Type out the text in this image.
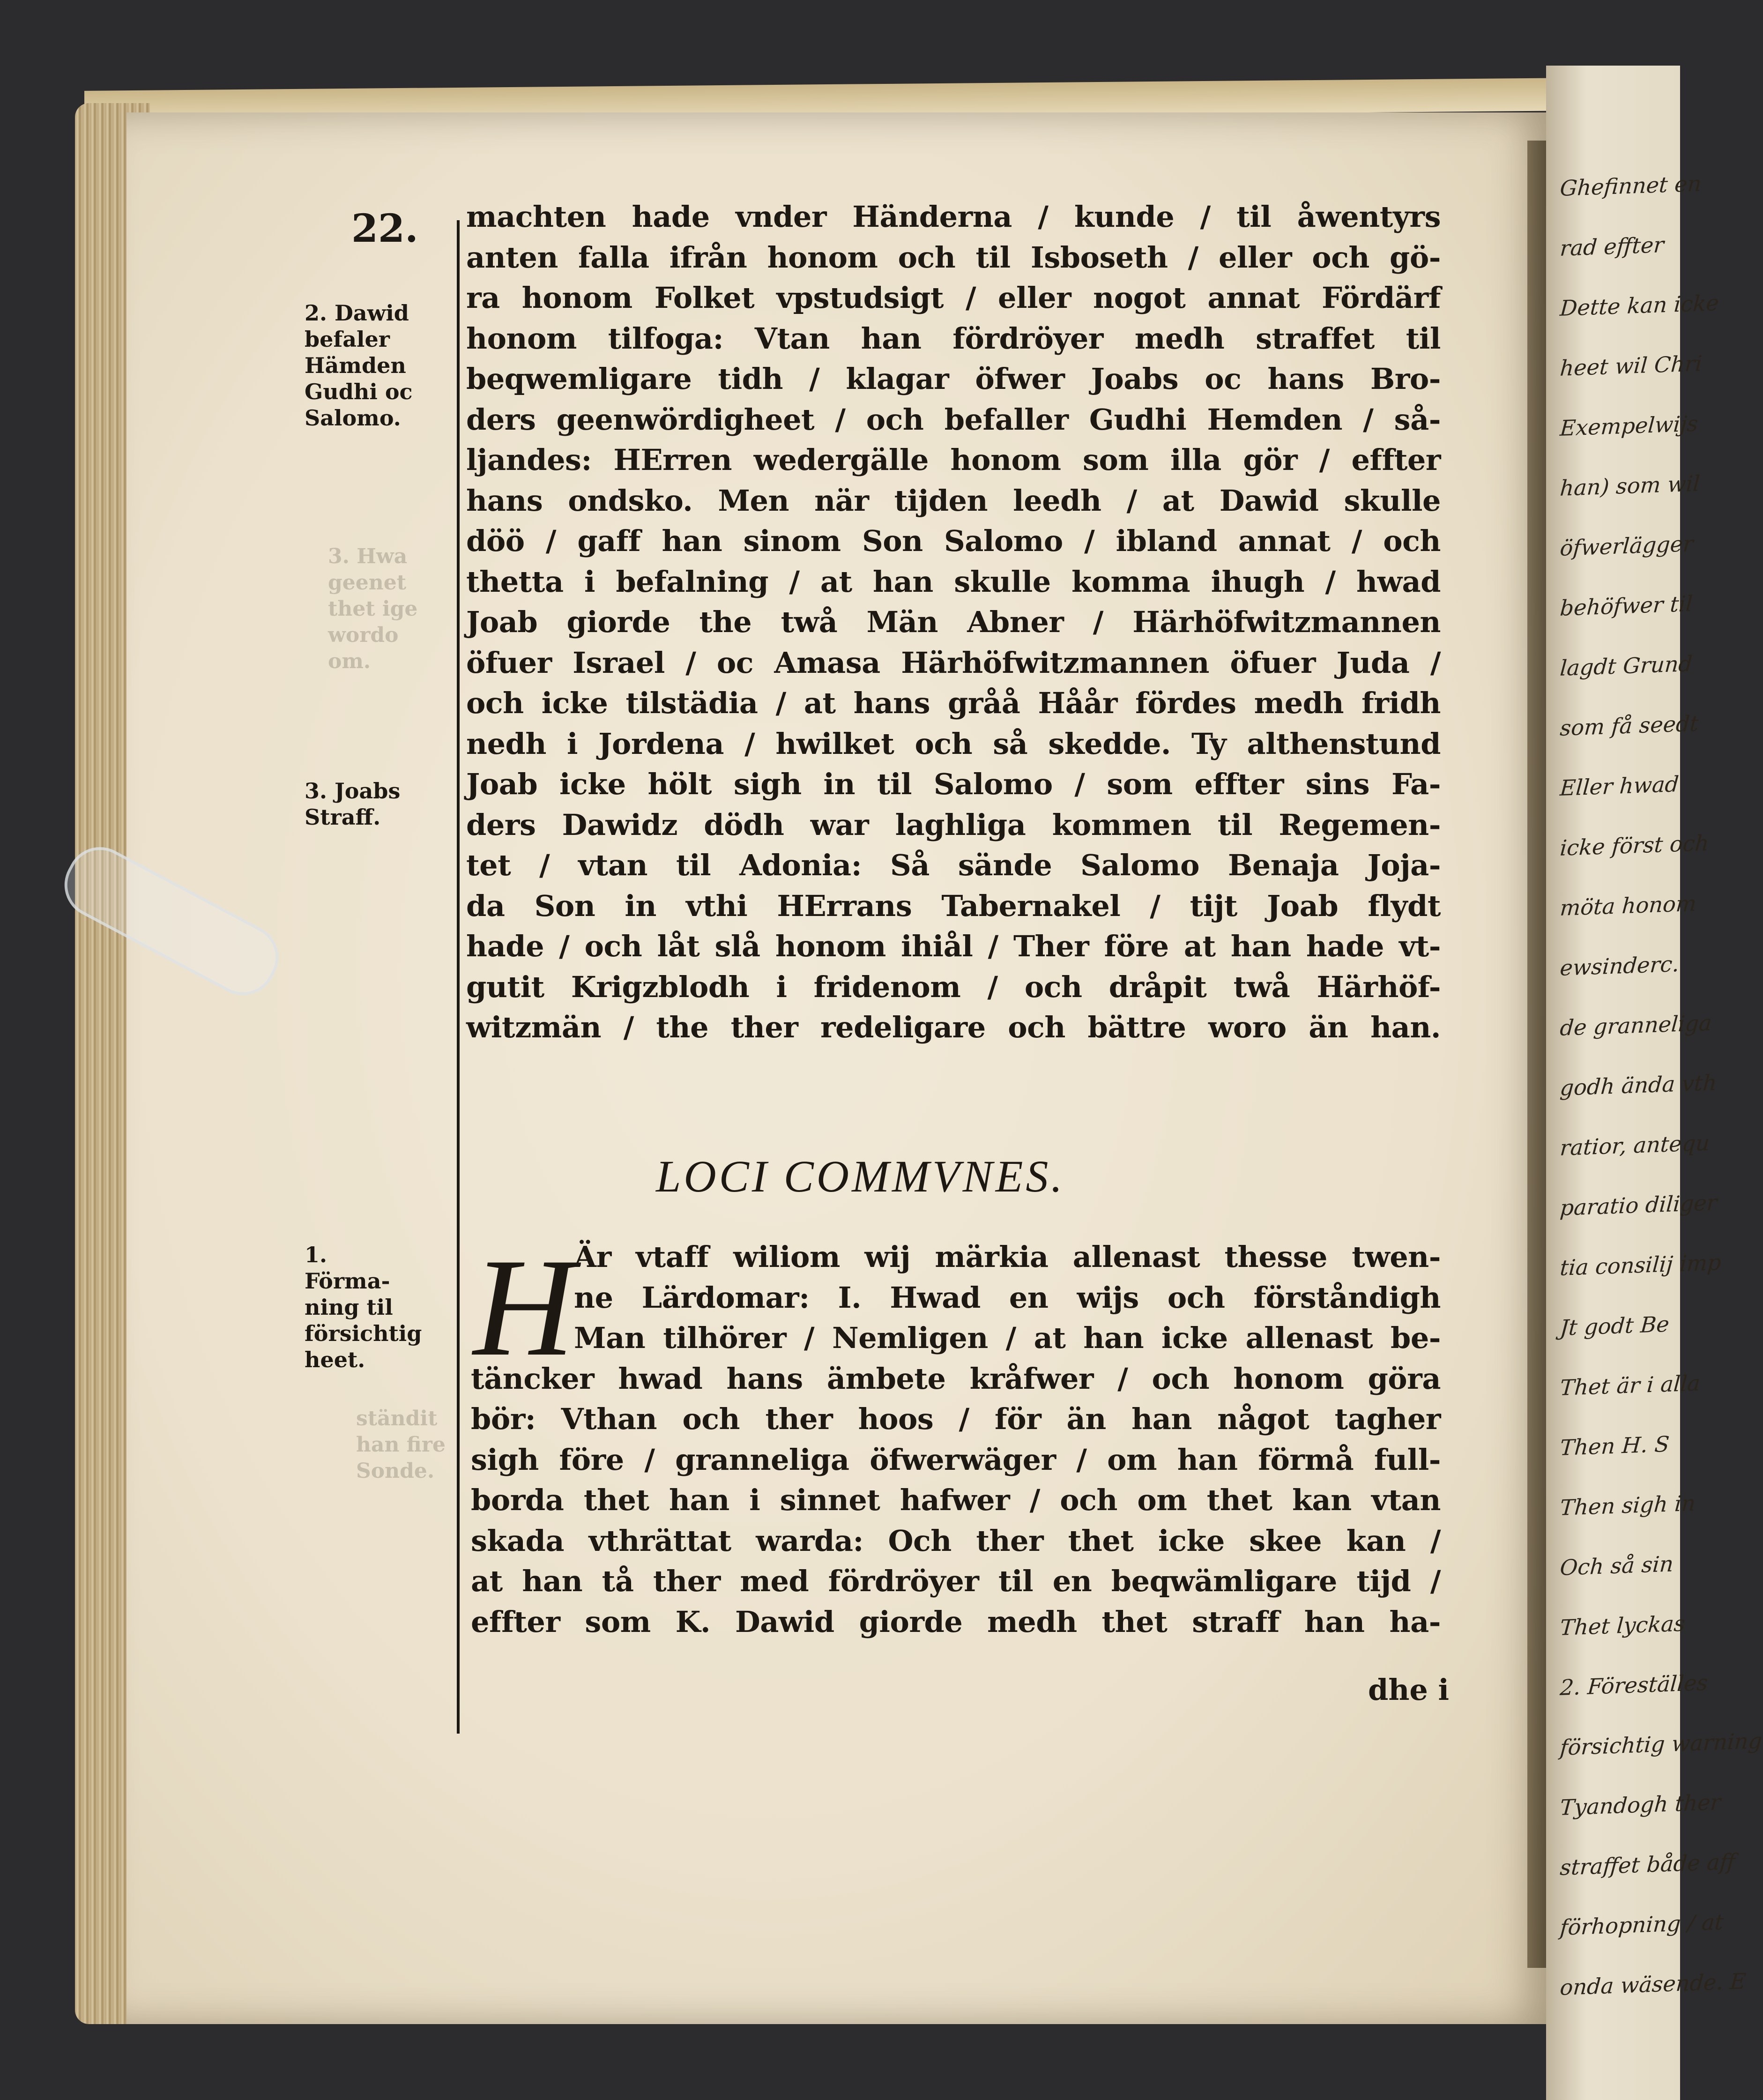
Ghefinnet en
rad effter
Dette kan icke
heet wil Chri
Exempelwijs
han) som wil
öfwerlägger
behöfwer til
lagdt Grund
som få seedt
Eller hwad
icke först och
möta honom
ewsinderc.
de granneliga
godh ända vth
ratior, antequ
paratio diliger
tia consilij imp
Jt godt Be
Thet är i alla
Then H. S
Then sigh in
Och så sin
Thet lyckas
2. Föreställes
försichtig warning
Tyandogh ther
straffet både aff
förhopning / at
onda wäsende. E
22.
2. Dawid
befaler
Hämden
Gudhi oc
Salomo.
3. Joabs
Straff.
1.
Förma-
ning til
försichtig
heet.
3. Hwa
geenet
thet ige
wordo
om.
ständit
han fire
Sonde.
machten hade vnder Händerna / kunde / til åwentyrs
anten falla ifrån honom och til Isboseth / eller och gö-
ra honom Folket vpstudsigt / eller nogot annat Fördärf
honom tilfoga: Vtan han fördröyer medh straffet til
beqwemligare tidh / klagar öfwer Joabs oc hans Bro-
ders geenwördigheet / och befaller Gudhi Hemden / så-
ljandes: HErren wedergälle honom som illa gör / effter
hans ondsko. Men när tijden leedh / at Dawid skulle
döö / gaff han sinom Son Salomo / ibland annat / och
thetta i befalning / at han skulle komma ihugh / hwad
Joab giorde the twå Män Abner / Härhöfwitzmannen
öfuer Israel / oc Amasa Härhöfwitzmannen öfuer Juda /
och icke tilstädia / at hans gråå Håår fördes medh fridh
nedh i Jordena / hwilket och så skedde. Ty althenstund
Joab icke hölt sigh in til Salomo / som effter sins Fa-
ders Dawidz dödh war laghliga kommen til Regemen-
tet / vtan til Adonia: Så sände Salomo Benaja Joja-
da Son in vthi HErrans Tabernakel / tijt Joab flydt
hade / och låt slå honom ihiål / Ther före at han hade vt-
gutit Krigzblodh i fridenom / och dråpit twå Härhöf-
witzmän / the ther redeligare och bättre woro än han.
LOCI COMMVNES.
H
Är vtaff wiliom wij märkia allenast thesse twen-
ne Lärdomar: I. Hwad en wijs och förståndigh
Man tilhörer / Nemligen / at han icke allenast be-
täncker hwad hans ämbete kråfwer / och honom göra
bör: Vthan och ther hoos / för än han något tagher
sigh före / granneliga öfwerwäger / om han förmå full-
borda thet han i sinnet hafwer / och om thet kan vtan
skada vthrättat warda: Och ther thet icke skee kan /
at han tå ther med fördröyer til en beqwämligare tijd /
effter som K. Dawid giorde medh thet straff han ha-
dhe i
